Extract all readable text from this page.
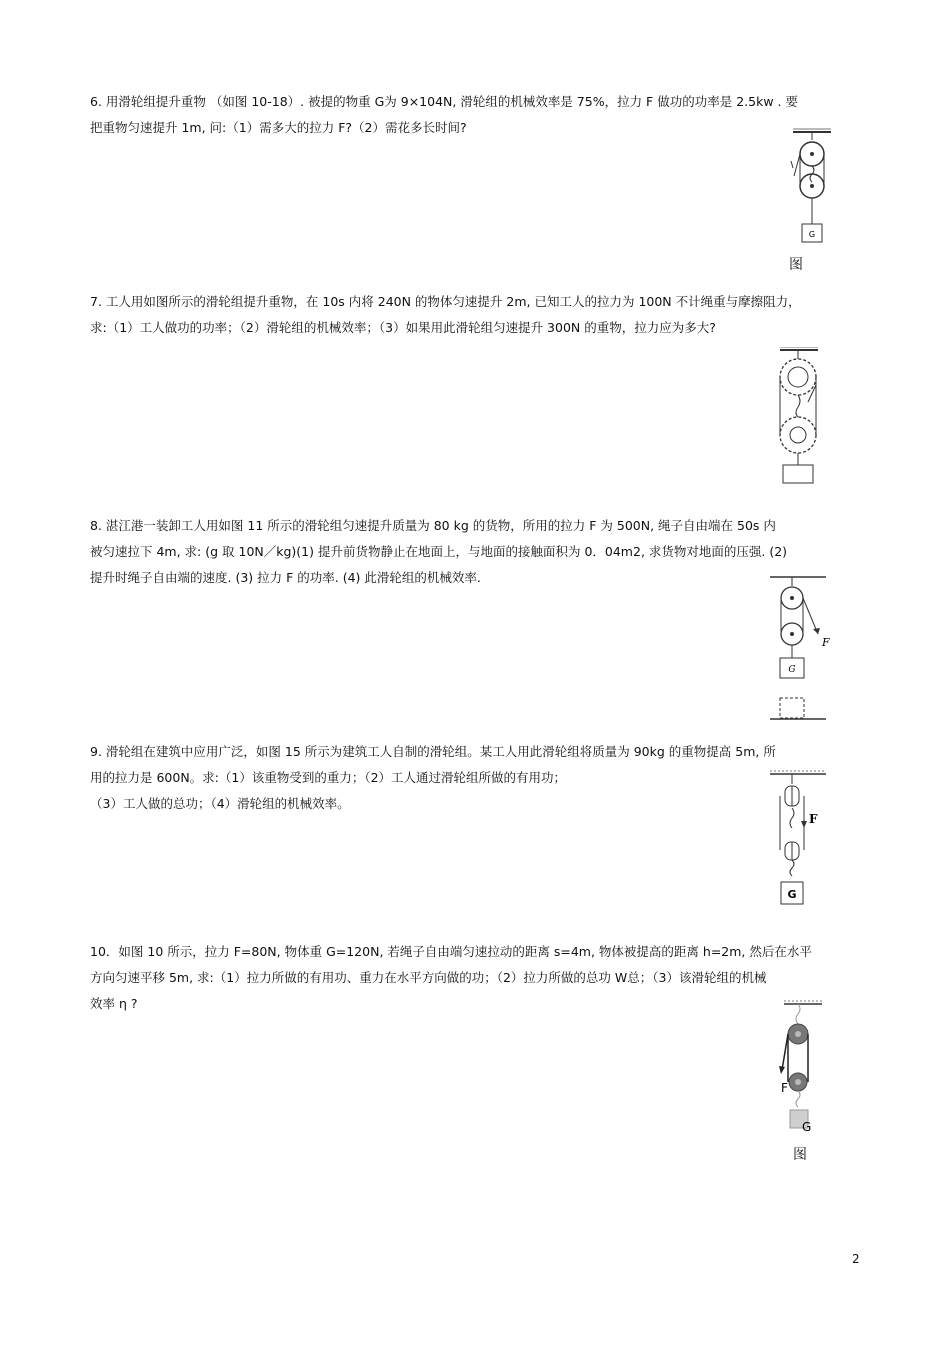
6. 用滑轮组提升重物 （如图 10-18）. 被提的物重 G为 9×104N, 滑轮组的机械效率是 75%，拉力 F 做功的功率是 2.5kw . 要
把重物匀速提升 1m, 问:（1）需多大的拉力 F?（2）需花多长时间?
G
图
7. 工人用如图所示的滑轮组提升重物，在 10s 内将 240N 的物体匀速提升 2m, 已知工人的拉力为 100N 不计绳重与摩擦阻力，
求:（1）工人做功的功率；（2）滑轮组的机械效率；（3）如果用此滑轮组匀速提升 300N 的重物，拉力应为多大?
8. 湛江港一装卸工人用如图 11 所示的滑轮组匀速提升质量为 80 kg 的货物，所用的拉力 F 为 500N, 绳子自由端在 50s 内
被匀速拉下 4m, 求: (g 取 10N／kg)(1) 提升前货物静止在地面上，与地面的接触面积为 0．04m2, 求货物对地面的压强. (2)
提升时绳子自由端的速度. (3) 拉力 F 的功率. (4) 此滑轮组的机械效率.
F
G
9. 滑轮组在建筑中应用广泛，如图 15 所示为建筑工人自制的滑轮组。某工人用此滑轮组将质量为 90kg 的重物提高 5m, 所
用的拉力是 600N。求:（1）该重物受到的重力；（2）工人通过滑轮组所做的有用功；
（3）工人做的总功；（4）滑轮组的机械效率。
F
G
10．如图 10 所示，拉力 F=80N, 物体重 G=120N, 若绳子自由端匀速拉动的距离 s=4m, 物体被提高的距离 h=2m, 然后在水平
方向匀速平移 5m, 求:（1）拉力所做的有用功、重力在水平方向做的功；（2）拉力所做的总功 W总；（3）该滑轮组的机械
效率 η ?
F
G
图
2
